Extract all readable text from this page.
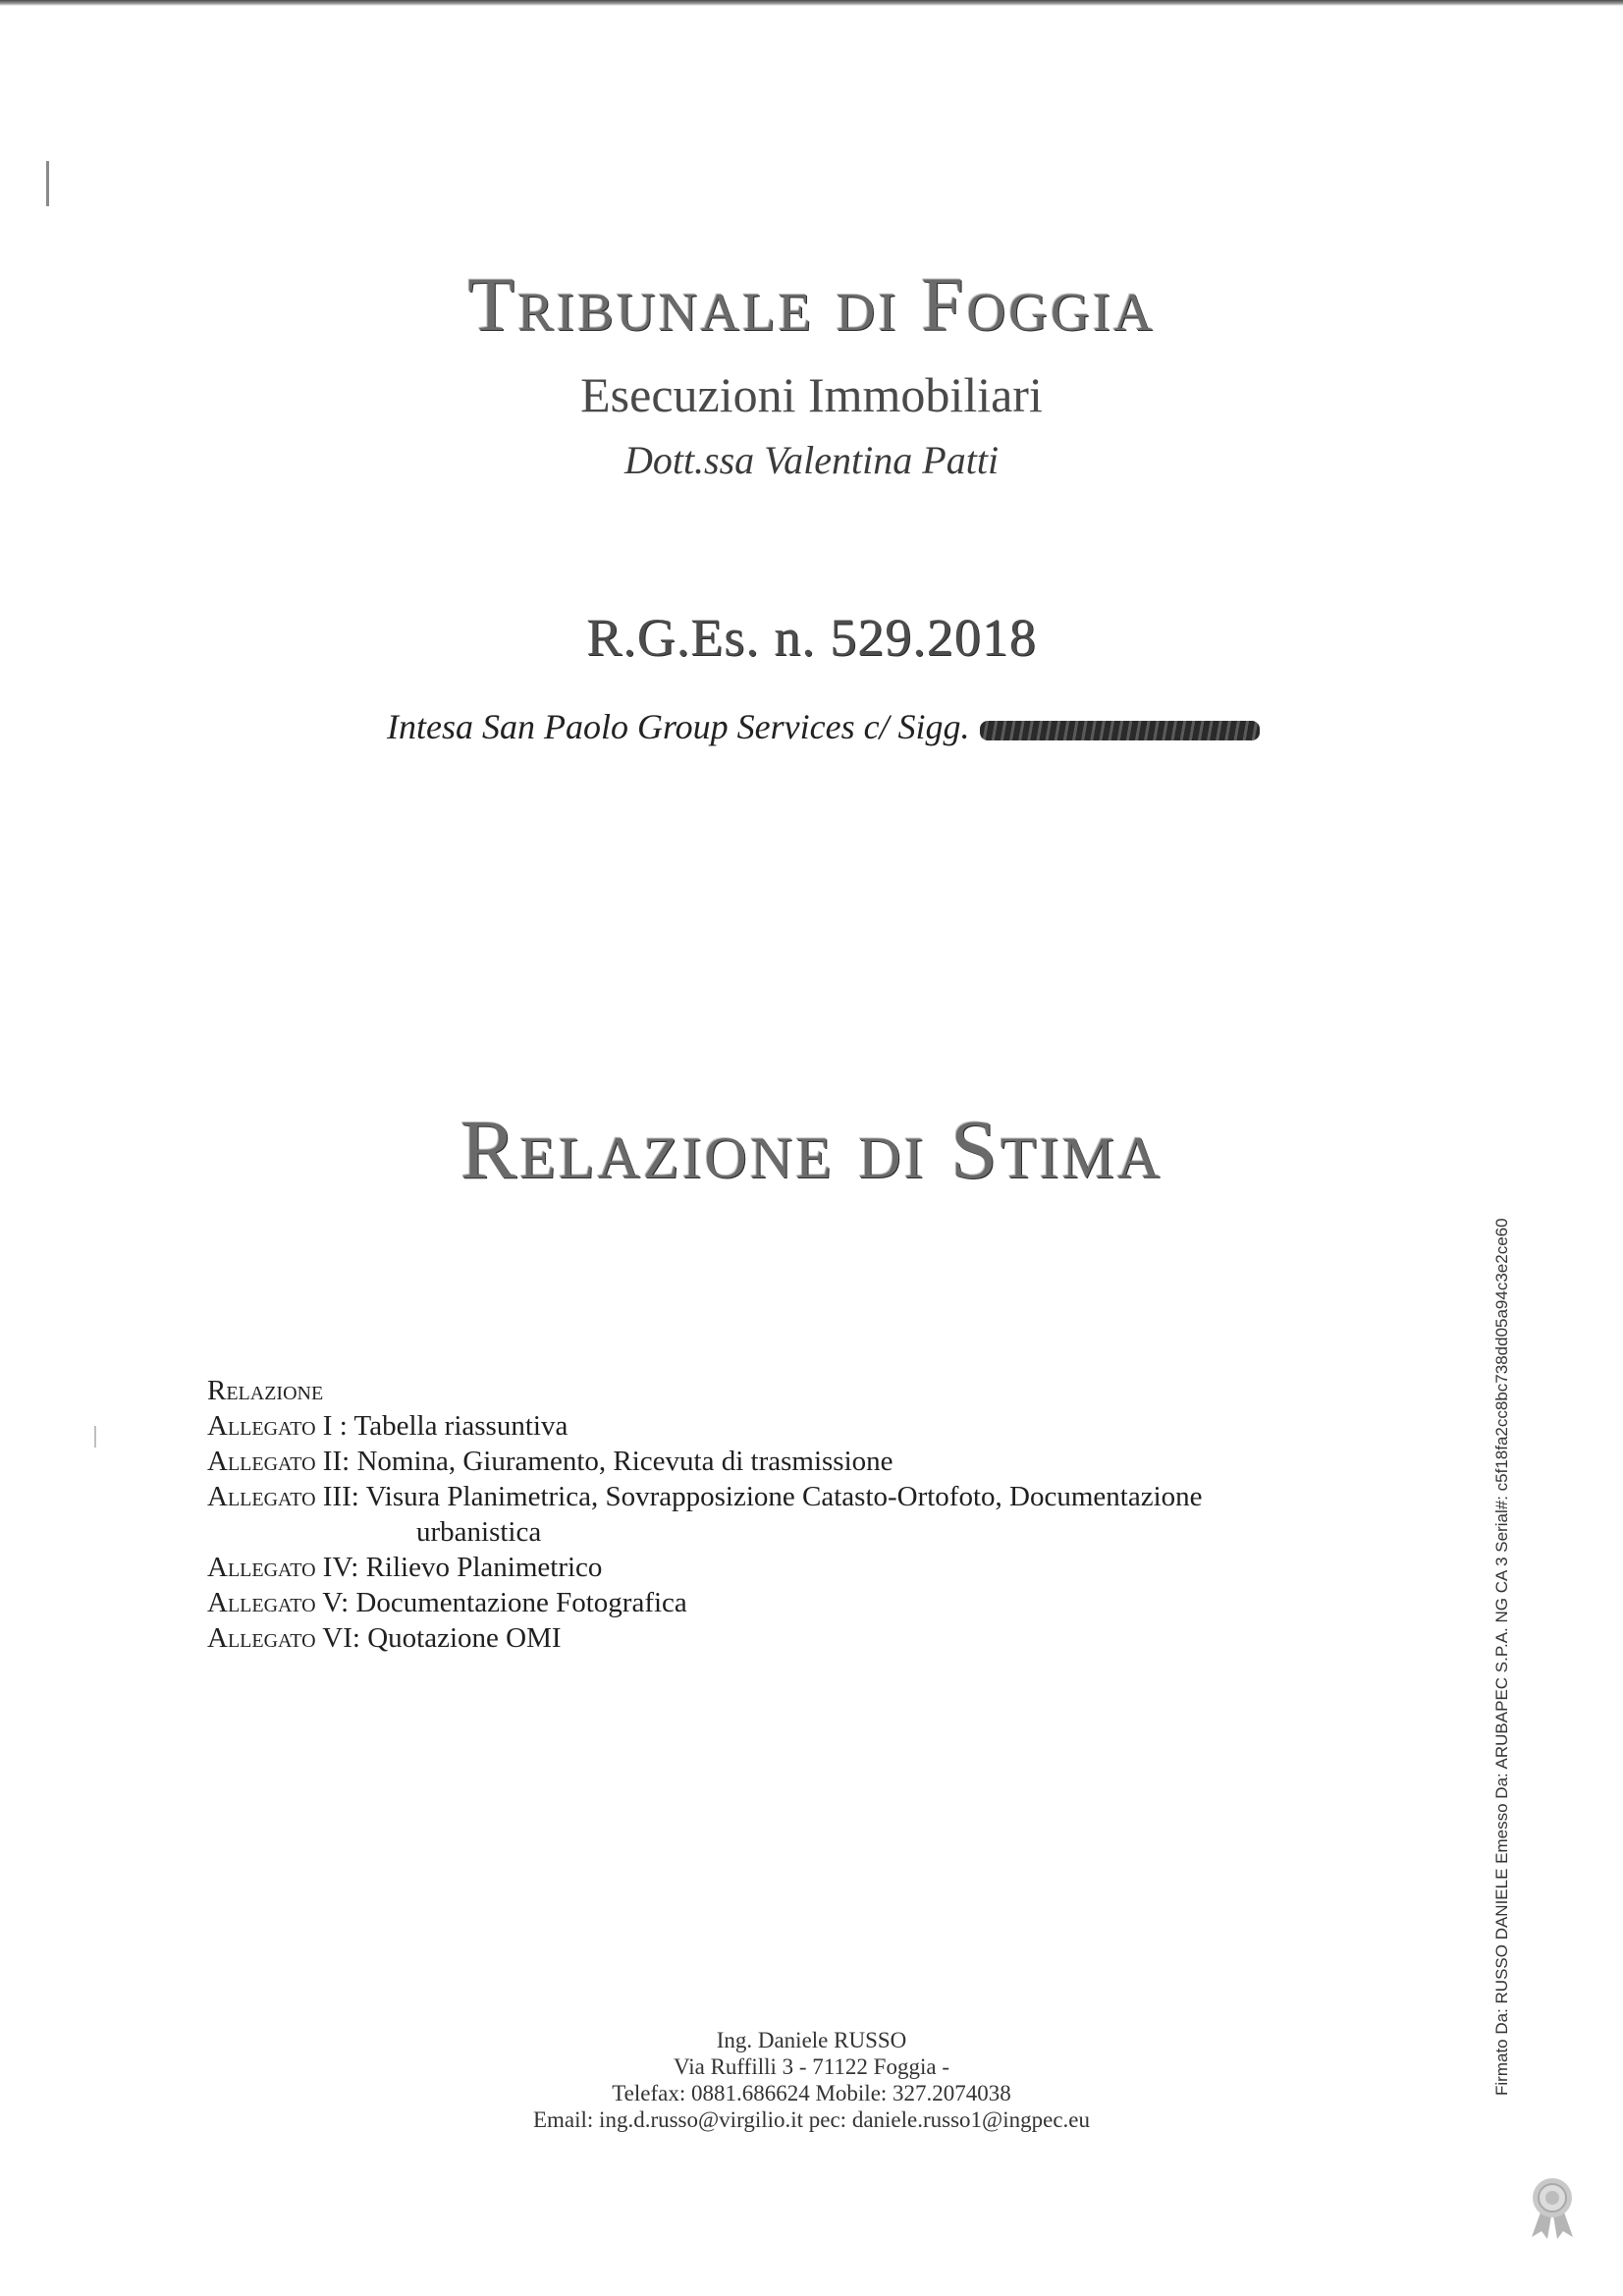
Tribunale di Foggia
Esecuzioni Immobiliari
Dott.ssa Valentina Patti
R.G.Es. n. 529.2018
Intesa San Paolo Group Services c/ Sigg.
Relazione di Stima
Relazione
Allegato I : Tabella riassuntiva
Allegato II: Nomina, Giuramento, Ricevuta di trasmissione
Allegato III: Visura Planimetrica, Sovrapposizione Catasto-Ortofoto, Documentazione
urbanistica
Allegato IV: Rilievo Planimetrico
Allegato V: Documentazione Fotografica
Allegato VI: Quotazione OMI
Ing. Daniele RUSSO
Via Ruffilli 3 - 71122 Foggia -
Telefax: 0881.686624 Mobile: 327.2074038
Email: ing.d.russo@virgilio.it pec: daniele.russo1@ingpec.eu
Firmato Da: RUSSO DANIELE Emesso Da: ARUBAPEC S.P.A. NG CA 3 Serial#: c5f18fa2cc8bc738dd05a94c3e2ce60
